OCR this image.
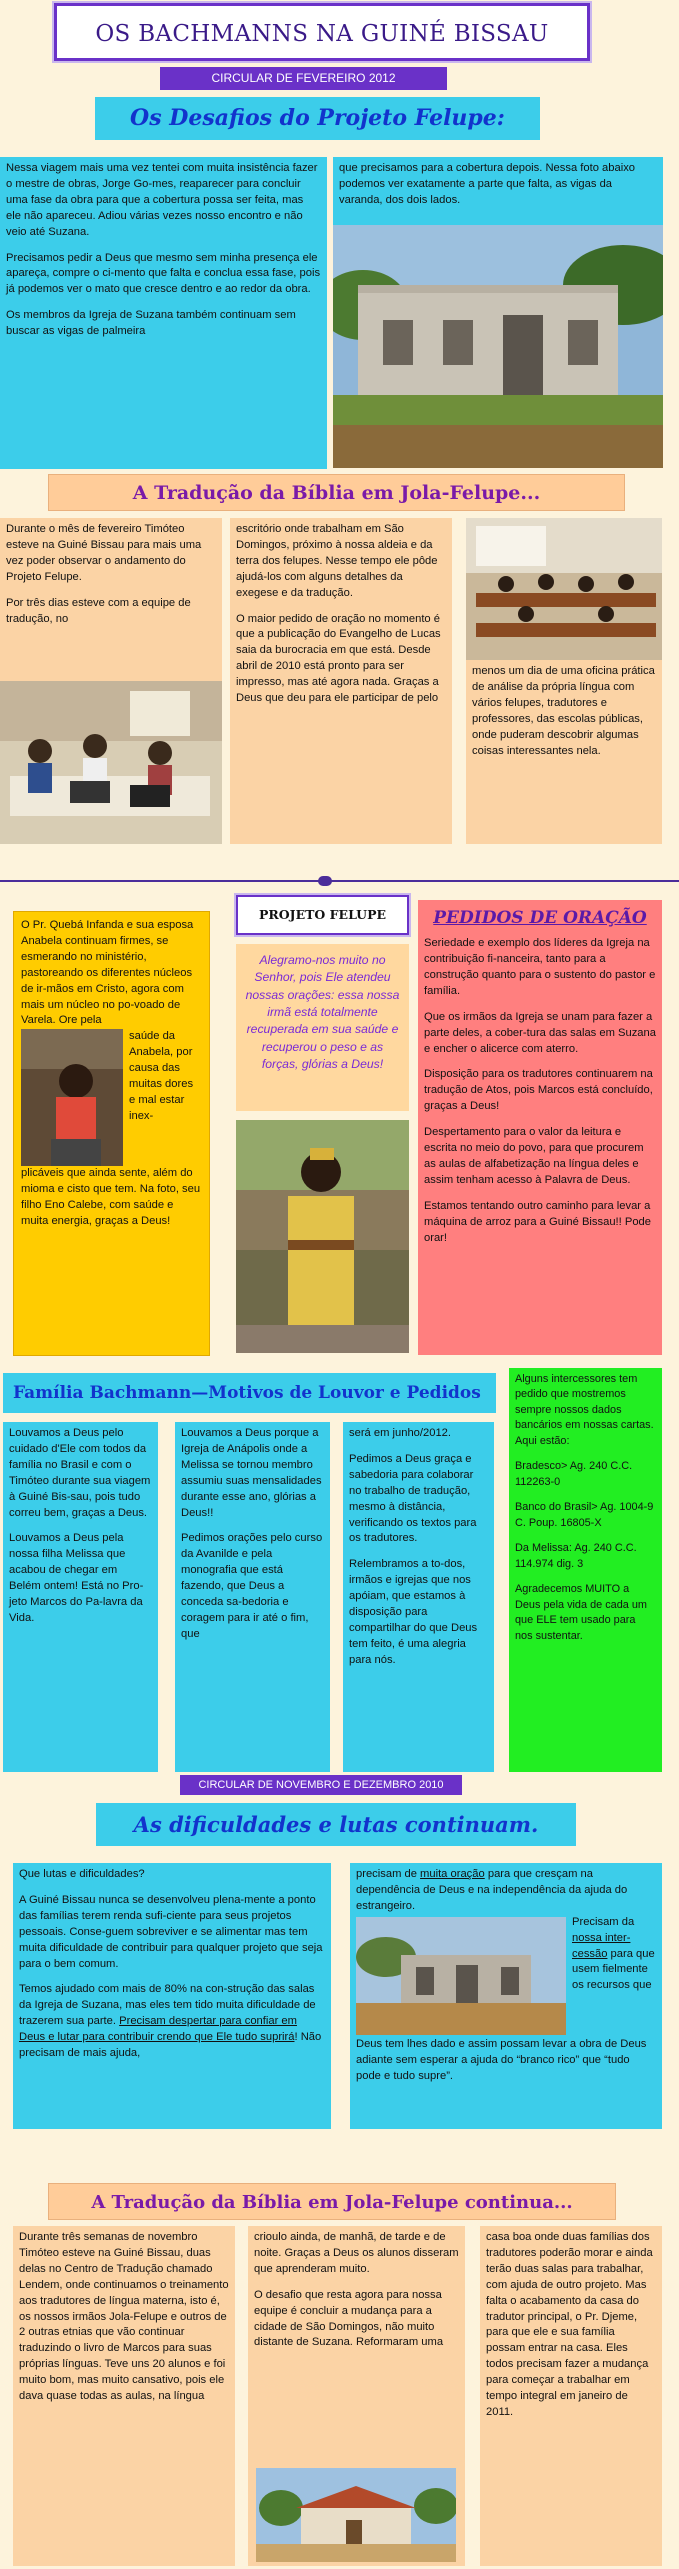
OS BACHMANNS NA GUINÉ BISSAU
CIRCULAR DE FEVEREIRO 2012
Os Desafios do Projeto Felupe:

Nessa viagem mais uma vez tentei com muita insistência fazer o mestre de obras, Jorge Go-mes, reaparecer para concluir uma fase da obra para que a cobertura possa ser feita, mas ele não apareceu. Adiou várias vezes nosso encontro e não veio até Suzana.

Precisamos pedir a Deus que mesmo sem minha presença ele apareça, compre o ci-mento que falta e conclua essa fase, pois já podemos ver o mato que cresce dentro e ao redor da obra.

Os membros da Igreja de Suzana também continuam sem buscar as vigas de palmeira

que precisamos para a cobertura depois. Nessa foto abaixo podemos ver exatamente a parte que falta, as vigas da varanda, dos dois lados.

A Tradução da Bíblia em Jola-Felupe...

Durante o mês de fevereiro Timóteo esteve na Guiné Bissau para mais uma vez poder observar o andamento do Projeto Felupe.

Por três dias esteve com a equipe de tradução, no

escritório onde trabalham em São Domingos, próximo à nossa aldeia e da terra dos felupes. Nesse tempo ele pôde ajudá-los com alguns detalhes da exegese e da tradução.

O maior pedido de oração no momento é que a publicação do Evangelho de Lucas saia da burocracia em que está. Desde abril de 2010 está pronto para ser impresso, mas até agora nada. Graças a Deus que deu para ele participar de pelo

menos um dia de uma oficina prática de análise da própria língua com vários felupes, tradutores e professores, das escolas públicas, onde puderam descobrir algumas coisas interessantes nela.

O Pr. Quebá Infanda e sua esposa Anabela continuam firmes, se esmerando no ministério, pastoreando os diferentes núcleos de ir-mãos em Cristo, agora com mais um núcleo no po-voado de Varela. Ore pela

saúde da Anabela, por causa das muitas dores e mal estar inex-

plicáveis que ainda sente, além do mioma e cisto que tem. Na foto, seu filho Eno Calebe, com saúde e muita energia, graças a Deus!

PROJETO FELUPE

Alegramo-nos muito no Senhor, pois Ele atendeu nossas orações: essa nossa irmã está totalmente recuperada em sua saúde e recuperou o peso e as forças, glórias a Deus!

PEDIDOS DE ORAÇÃO

Seriedade e exemplo dos líderes da Igreja na contribuição fi-nanceira, tanto para a construção quanto para o sustento do pastor e família.

Que os irmãos da Igreja se unam para fazer a parte deles, a cober-tura das salas em Suzana e encher o alicerce com aterro.

Disposição para os tradutores continuarem na tradução de Atos, pois Marcos está concluído, graças a Deus!

Despertamento para o valor da leitura e escrita no meio do povo, para que procurem as aulas de alfabetização na língua deles e assim tenham acesso à Palavra de Deus.

Estamos tentando outro caminho para levar a máquina de arroz para a Guiné Bissau!! Pode orar!

Família Bachmann—Motivos de Louvor e Pedidos

Louvamos a Deus pelo cuidado d'Ele com todos da família no Brasil e com o Timóteo durante sua viagem à Guiné Bis-sau, pois tudo correu bem, graças a Deus.

Louvamos a Deus pela nossa filha Melissa que acabou de chegar em Belém ontem! Está no Pro-jeto Marcos do Pa-lavra da Vida.

Louvamos a Deus porque a Igreja de Anápolis onde a Melissa se tornou membro assumiu suas mensalidades durante esse ano, glórias a Deus!!

Pedimos orações pelo curso da Avanilde e pela monografia que está fazendo, que Deus a conceda sa-bedoria e coragem para ir até o fim, que

será em junho/2012.

Pedimos a Deus graça e sabedoria para colaborar no trabalho de tradução, mesmo à distância, verificando os textos para os tradutores.

Relembramos a to-dos, irmãos e igrejas que nos apóiam, que estamos à disposição para compartilhar do que Deus tem feito, é uma alegria para nós.

Alguns intercessores tem pedido que mostremos sempre nossos dados bancários em nossas cartas. Aqui estão:

Bradesco> Ag. 240 C.C. 112263-0

Banco do Brasil> Ag. 1004-9 C. Poup. 16805-X

Da Melissa: Ag. 240 C.C. 114.974 dig. 3

Agradecemos MUITO a Deus pela vida de cada um que ELE tem usado para nos sustentar.

CIRCULAR DE NOVEMBRO E DEZEMBRO 2010
As dificuldades e lutas continuam.

Que lutas e dificuldades?

A Guiné Bissau nunca se desenvolveu plena-mente a ponto das famílias terem renda sufi-ciente para seus projetos pessoais. Conse-guem sobreviver e se alimentar mas tem muita dificuldade de contribuir para qualquer projeto que seja para o bem comum.

Temos ajudado com mais de 80% na con-strução das salas da Igreja de Suzana, mas eles tem tido muita dificuldade de trazerem sua parte. Precisam despertar para confiar em Deus e lutar para contribuir crendo que Ele tudo suprirá! Não precisam de mais ajuda,

precisam de muita oração para que cresçam na dependência de Deus e na independência da ajuda do estrangeiro.

Precisam da nossa inter-cessão para que usem fielmente os recursos que

Deus tem lhes dado e assim possam levar a obra de Deus adiante sem esperar a ajuda do “branco rico” que “tudo pode e tudo supre”.

A Tradução da Bíblia em Jola-Felupe continua...

Durante três semanas de novembro Timóteo esteve na Guiné Bissau, duas delas no Centro de Tradução chamado Lendem, onde continuamos o treinamento aos tradutores de língua materna, isto é, os nossos irmãos Jola-Felupe e outros de 2 outras etnias que vão continuar traduzindo o livro de Marcos para suas próprias línguas. Teve uns 20 alunos e foi muito bom, mas muito cansativo, pois ele dava quase todas as aulas, na língua

crioulo ainda, de manhã, de tarde e de noite. Graças a Deus os alunos disseram que aprenderam muito.

O desafio que resta agora para nossa equipe é concluir a mudança para a cidade de São Domingos, não muito distante de Suzana. Reformaram uma

casa boa onde duas famílias dos tradutores poderão morar e ainda terão duas salas para trabalhar, com ajuda de outro projeto. Mas falta o acabamento da casa do tradutor principal, o Pr. Djeme, para que ele e sua família possam entrar na casa. Eles todos precisam fazer a mudança para começar a trabalhar em tempo integral em janeiro de 2011.
